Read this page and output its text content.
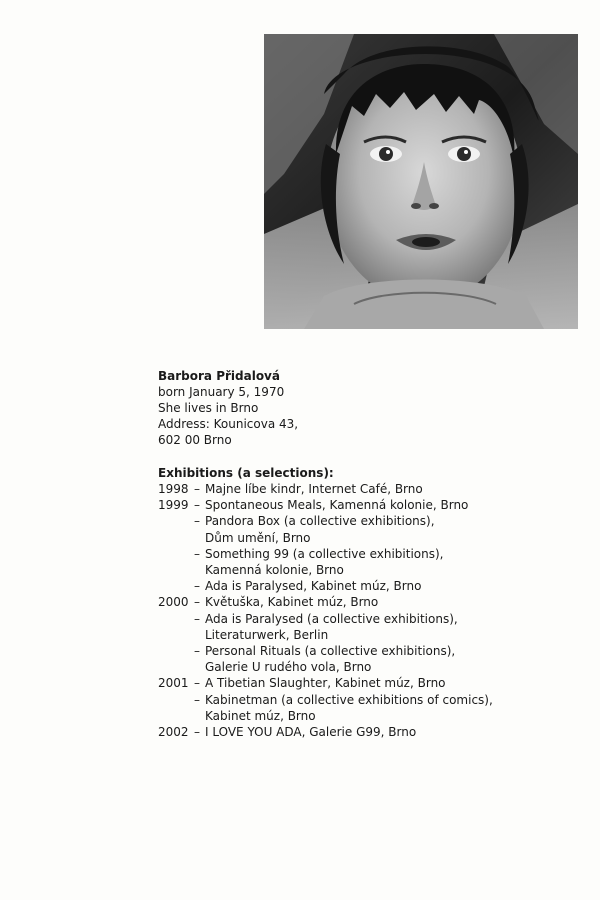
Barbora Přidalová
born January 5, 1970
She lives in Brno
Address: Kounicova 43,
602 00 Brno
Exhibitions (a selections):
1998 – Majne líbe kindr, Internet Café, Brno
1999 – Spontaneous Meals, Kamenná kolonie, Brno
– Pandora Box (a collective exhibitions),
Dům umění, Brno
– Something 99 (a collective exhibitions),
Kamenná kolonie, Brno
– Ada is Paralysed, Kabinet múz, Brno
2000 – Květuška, Kabinet múz, Brno
– Ada is Paralysed (a collective exhibitions),
Literaturwerk, Berlin
– Personal Rituals (a collective exhibitions),
Galerie U rudého vola, Brno
2001 – A Tibetian Slaughter, Kabinet múz, Brno
– Kabinetman (a collective exhibitions of comics),
Kabinet múz, Brno
2002 – I LOVE YOU ADA, Galerie G99, Brno
